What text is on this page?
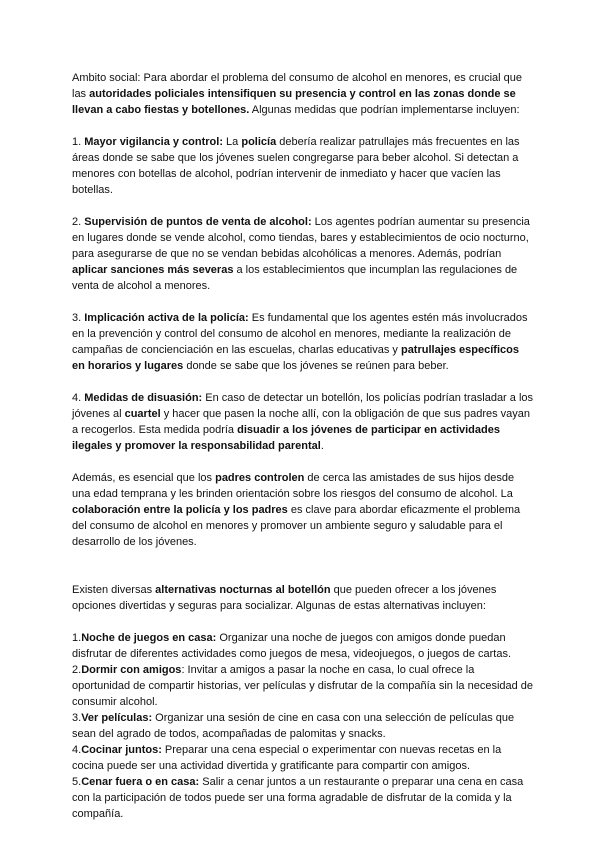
Ambito social: Para abordar el problema del consumo de alcohol en menores, es crucial que las autoridades policiales intensifiquen su presencia y control en las zonas donde se llevan a cabo fiestas y botellones. Algunas medidas que podrían implementarse incluyen:

1. Mayor vigilancia y control: La policía debería realizar patrullajes más frecuentes en las áreas donde se sabe que los jóvenes suelen congregarse para beber alcohol. Si detectan a menores con botellas de alcohol, podrían intervenir de inmediato y hacer que vacíen las botellas.

2. Supervisión de puntos de venta de alcohol: Los agentes podrían aumentar su presencia en lugares donde se vende alcohol, como tiendas, bares y establecimientos de ocio nocturno, para asegurarse de que no se vendan bebidas alcohólicas a menores. Además, podrían aplicar sanciones más severas a los establecimientos que incumplan las regulaciones de venta de alcohol a menores.

3. Implicación activa de la policía: Es fundamental que los agentes estén más involucrados en la prevención y control del consumo de alcohol en menores, mediante la realización de campañas de concienciación en las escuelas, charlas educativas y patrullajes específicos en horarios y lugares donde se sabe que los jóvenes se reúnen para beber.

4. Medidas de disuasión: En caso de detectar un botellón, los policías podrían trasladar a los jóvenes al cuartel y hacer que pasen la noche allí, con la obligación de que sus padres vayan a recogerlos. Esta medida podría disuadir a los jóvenes de participar en actividades ilegales y promover la responsabilidad parental.

Además, es esencial que los padres controlen de cerca las amistades de sus hijos desde una edad temprana y les brinden orientación sobre los riesgos del consumo de alcohol. La colaboración entre la policía y los padres es clave para abordar eficazmente el problema del consumo de alcohol en menores y promover un ambiente seguro y saludable para el desarrollo de los jóvenes.

Existen diversas alternativas nocturnas al botellón que pueden ofrecer a los jóvenes opciones divertidas y seguras para socializar. Algunas de estas alternativas incluyen:

1.Noche de juegos en casa: Organizar una noche de juegos con amigos donde puedan disfrutar de diferentes actividades como juegos de mesa, videojuegos, o juegos de cartas.

2.Dormir con amigos: Invitar a amigos a pasar la noche en casa, lo cual ofrece la oportunidad de compartir historias, ver películas y disfrutar de la compañía sin la necesidad de consumir alcohol.

3.Ver películas: Organizar una sesión de cine en casa con una selección de películas que sean del agrado de todos, acompañadas de palomitas y snacks.

4.Cocinar juntos: Preparar una cena especial o experimentar con nuevas recetas en la cocina puede ser una actividad divertida y gratificante para compartir con amigos.

5.Cenar fuera o en casa: Salir a cenar juntos a un restaurante o preparar una cena en casa con la participación de todos puede ser una forma agradable de disfrutar de la comida y la compañía.
